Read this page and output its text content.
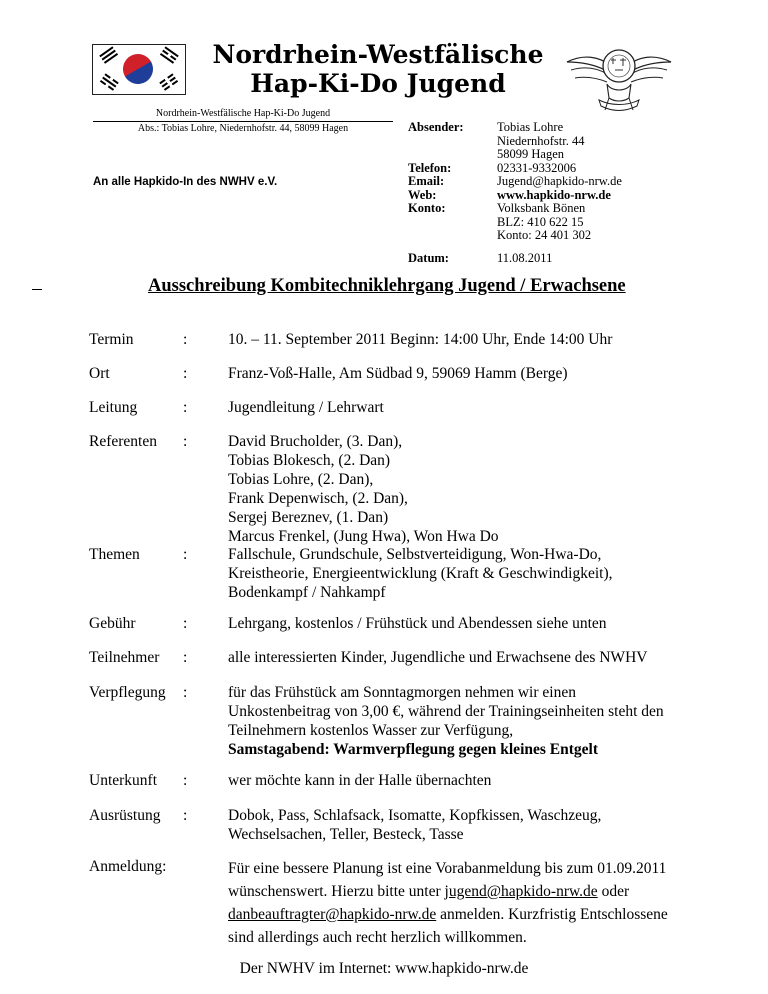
Nordrhein-Westfälische
Hap-Ki-Do Jugend
Nordrhein-Westfälische Hap-Ki-Do Jugend
Abs.: Tobias Lohre, Niedernhofstr. 44, 58099 Hagen
An alle Hapkido-In des NWHV e.V.
Absender:	Tobias Lohre
Niedernhofstr. 44
58099 Hagen
Telefon:	02331-9332006
Email:	Jugend@hapkido-nrw.de
Web:	www.hapkido-nrw.de
Konto:	Volksbank Bönen
BLZ: 410 622 15
Konto: 24 401 302
Datum:	11.08.2011
Ausschreibung Kombitechniklehrgang Jugend / Erwachsene
Termin	:	10. – 11. September 2011 Beginn: 14:00 Uhr, Ende 14:00 Uhr
Ort	:	Franz-Voß-Halle, Am Südbad 9, 59069 Hamm (Berge)
Leitung	:	Jugendleitung / Lehrwart
Referenten :	David Brucholder, (3. Dan),
Tobias Blokesch, (2. Dan)
Tobias Lohre, (2. Dan),
Frank Depenwisch, (2. Dan),
Sergej Bereznev, (1. Dan)
Marcus Frenkel, (Jung Hwa), Won Hwa Do
Themen	:	Fallschule, Grundschule, Selbstverteidigung, Won-Hwa-Do,
Kreistheorie, Energieentwicklung (Kraft & Geschwindigkeit),
Bodenkampf / Nahkampf
Gebühr	:	Lehrgang, kostenlos / Frühstück und Abendessen siehe unten
Teilnehmer :	alle interessierten Kinder, Jugendliche und Erwachsene des NWHV
Verpflegung :	für das Frühstück am Sonntagmorgen nehmen wir einen
Unkostenbeitrag von 3,00 €, während der Trainingseinheiten steht den
Teilnehmern kostenlos Wasser zur Verfügung,
Samstagabend: Warmverpflegung gegen kleines Entgelt
Unterkunft :	wer möchte kann in der Halle übernachten
Ausrüstung :	Dobok, Pass, Schlafsack, Isomatte, Kopfkissen, Waschzeug,
Wechselsachen, Teller, Besteck, Tasse
Anmeldung:	Für eine bessere Planung ist eine Vorabanmeldung bis zum 01.09.2011
wünschenswert. Hierzu bitte unter jugend@hapkido-nrw.de oder
danbeauftragter@hapkido-nrw.de anmelden. Kurzfristig Entschlossene
sind allerdings auch recht herzlich willkommen.
Der NWHV im Internet: www.hapkido-nrw.de
